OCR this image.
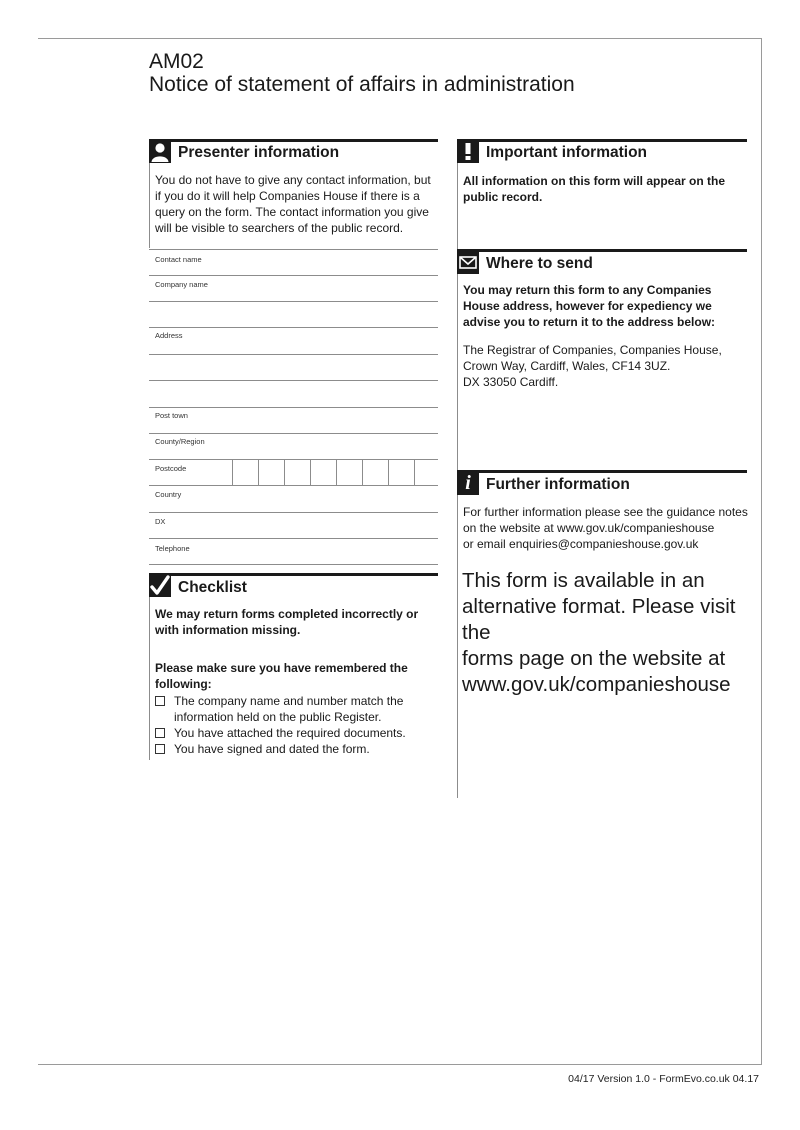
AM02
Notice of statement of affairs in administration
Presenter information
You do not have to give any contact information, but if you do it will help Companies House if there is a query on the form. The contact information you give will be visible to searchers of the public record.
Contact name
Company name
Address
Post town
County/Region
Postcode
Country
DX
Telephone
Checklist
We may return forms completed incorrectly or with information missing.
Please make sure you have remembered the following:
The company name and number match the information held on the public Register.
You have attached the required documents.
You have signed and dated the form.
Important information
All information on this form will appear on the public record.
Where to send
You may return this form to any Companies House address, however for expediency we advise you to return it to the address below:
The Registrar of Companies, Companies House,
Crown Way, Cardiff, Wales, CF14 3UZ.
DX 33050 Cardiff.
i Further information
For further information please see the guidance notes
on the website at www.gov.uk/companieshouse
or email enquiries@companieshouse.gov.uk
This form is available in an
alternative format. Please visit the
forms page on the website at
www.gov.uk/companieshouse
04/17 Version 1.0 - FormEvo.co.uk 04.17
